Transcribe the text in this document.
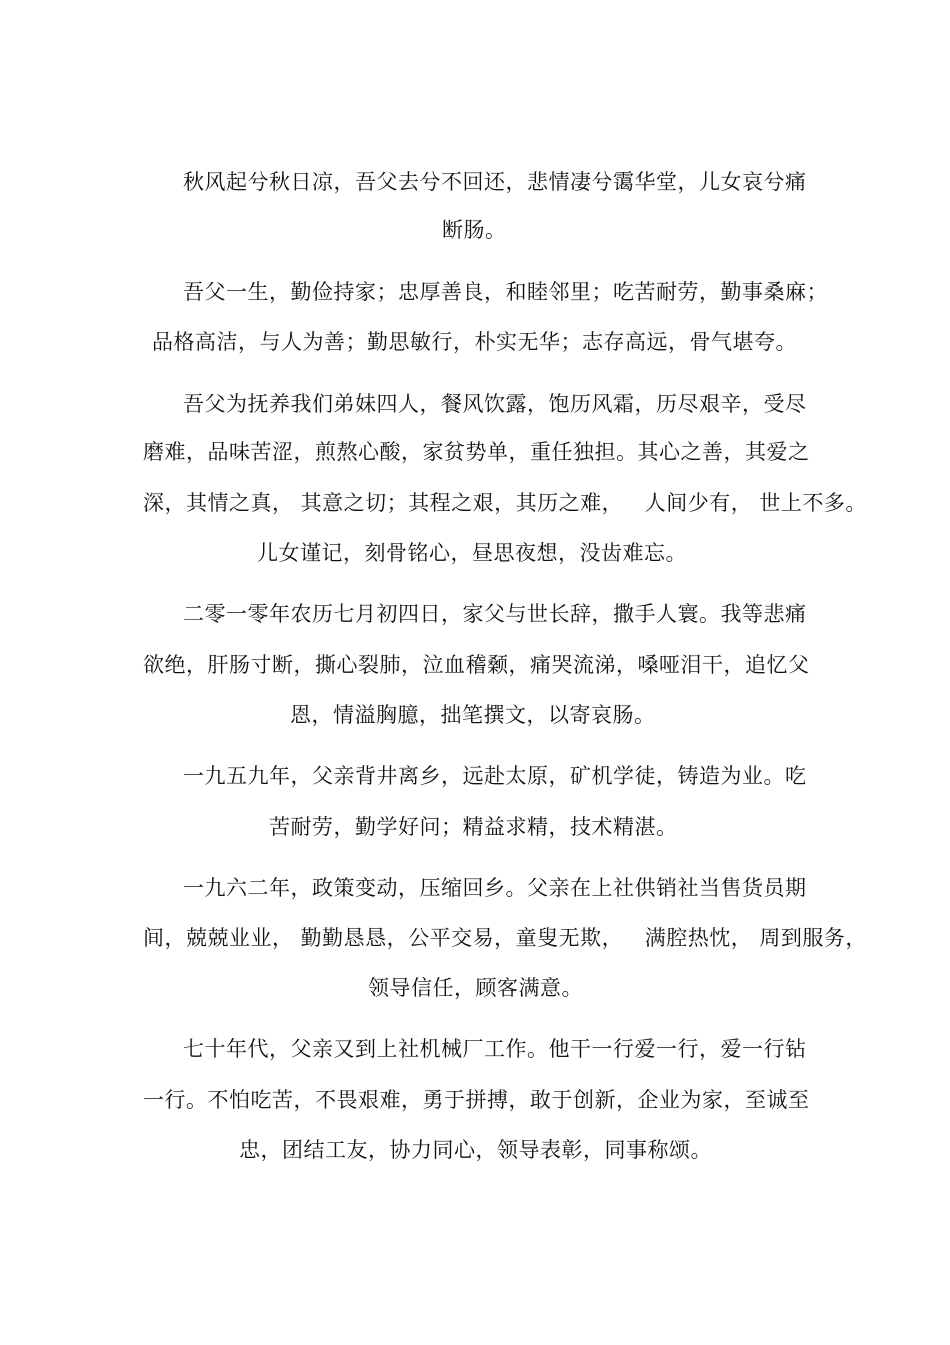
秋风起兮秋日凉，吾父去兮不回还，悲情凄兮霭华堂，儿女哀兮痛
断肠。
吾父一生，勤俭持家；忠厚善良，和睦邻里；吃苦耐劳，勤事桑麻；
品格高洁，与人为善；勤思敏行，朴实无华；志存高远，骨气堪夸。
吾父为抚养我们弟妹四人，餐风饮露，饱历风霜，历尽艰辛，受尽
磨难，品味苦涩，煎熬心酸，家贫势单，重任独担。其心之善，其爱之
深，其情之真， 其意之切；其程之艰，其历之难，   人间少有， 世上不多。
儿女谨记，刻骨铭心，昼思夜想，没齿难忘。
二零一零年农历七月初四日，家父与世长辞，撒手人寰。我等悲痛
欲绝，肝肠寸断，撕心裂肺，泣血稽颡，痛哭流涕，嗓哑泪干，追忆父
恩，情溢胸臆，拙笔撰文，以寄哀肠。
一九五九年，父亲背井离乡，远赴太原，矿机学徒，铸造为业。吃
苦耐劳，勤学好问；精益求精，技术精湛。
一九六二年，政策变动，压缩回乡。父亲在上社供销社当售货员期
间，兢兢业业， 勤勤恳恳，公平交易，童叟无欺，   满腔热忱， 周到服务，
领导信任，顾客满意。
七十年代，父亲又到上社机械厂工作。他干一行爱一行，爱一行钻
一行。不怕吃苦，不畏艰难，勇于拼搏，敢于创新，企业为家，至诚至
忠，团结工友，协力同心，领导表彰，同事称颂。
